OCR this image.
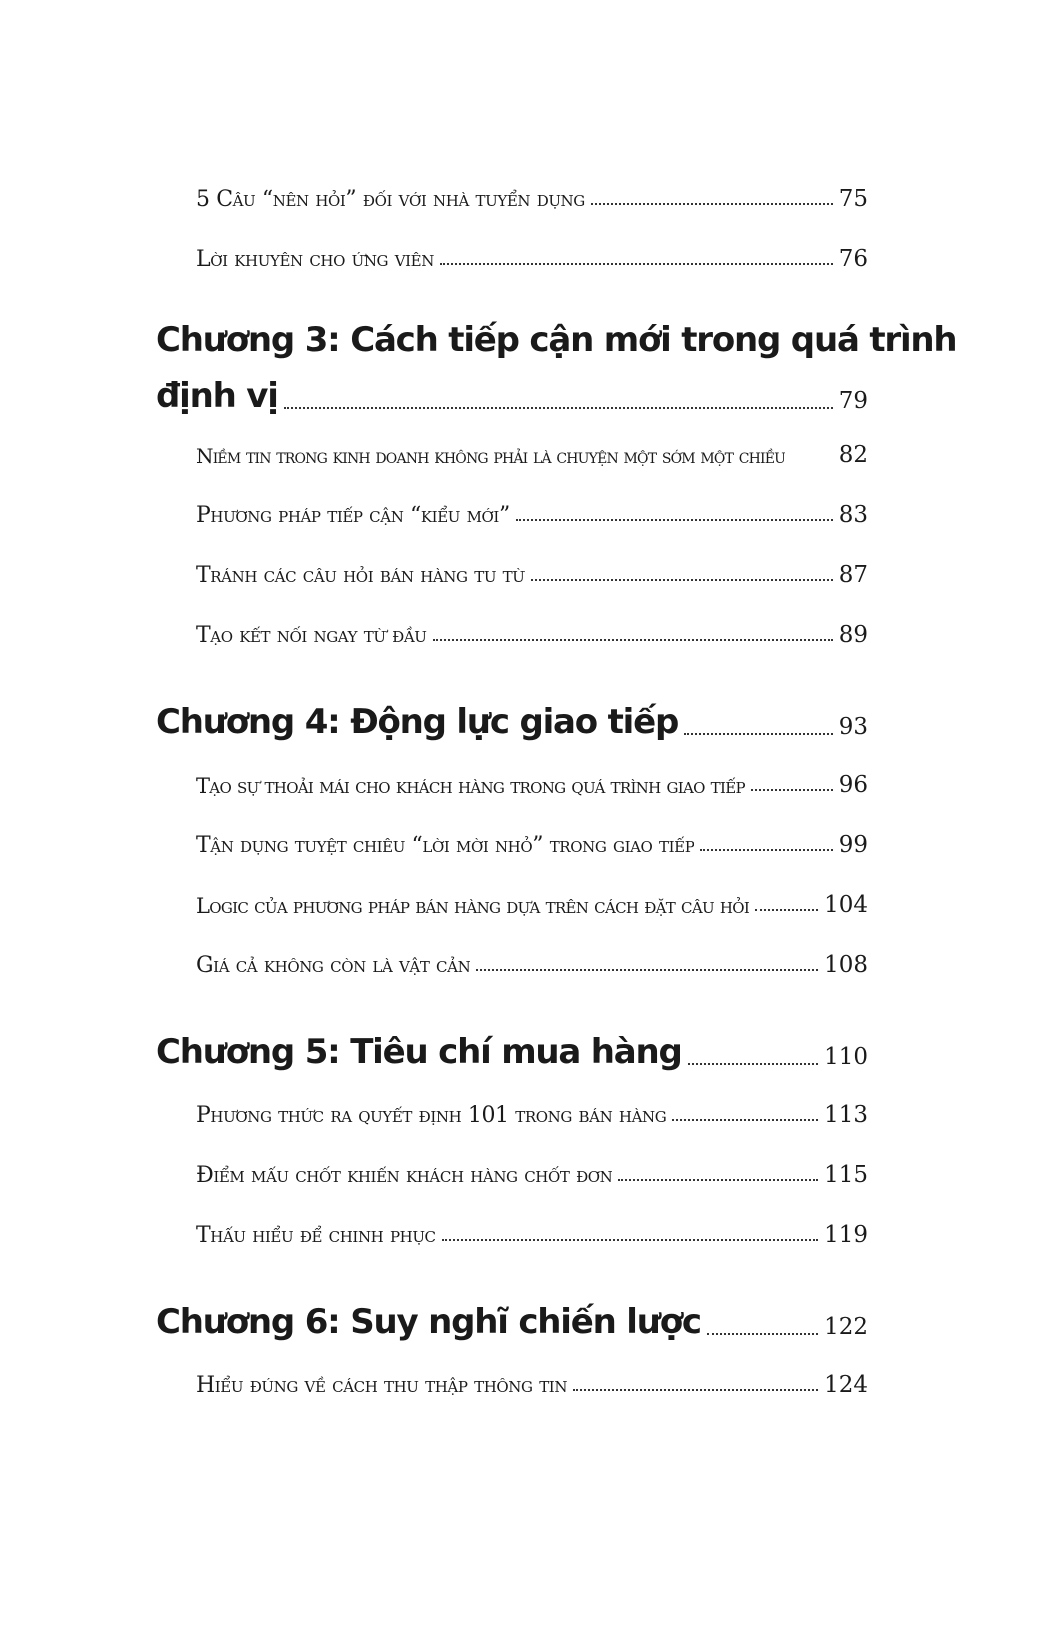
5 Câu “nên hỏi” đối với nhà tuyển dụng	75
Lời khuyên cho ứng viên	76
Chương 3: Cách tiếp cận mới trong quá trình
định vị	79
Niềm tin trong kinh doanh không phải là chuyện một sớm một chiều 82
Phương pháp tiếp cận “kiểu mới”	83
Tránh các câu hỏi bán hàng tu từ	87
Tạo kết nối ngay từ đầu	89
Chương 4: Động lực giao tiếp	93
Tạo sự thoải mái cho khách hàng trong quá trình giao tiếp	96
Tận dụng tuyệt chiêu “lời mời nhỏ” trong giao tiếp	99
Logic của phương pháp bán hàng dựa trên cách đặt câu hỏi	104
Giá cả không còn là vật cản	108
Chương 5: Tiêu chí mua hàng	110
Phương thức ra quyết định 101 trong bán hàng	113
Điểm mấu chốt khiến khách hàng chốt đơn	115
Thấu hiểu để chinh phục	119
Chương 6: Suy nghĩ chiến lược	122
Hiểu đúng về cách thu thập thông tin	124
